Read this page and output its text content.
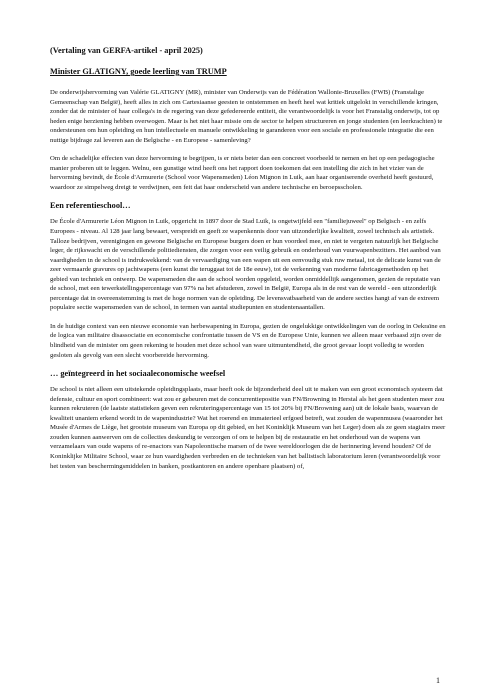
(Vertaling van GERFA-artikel - april 2025)

Minister GLATIGNY, goede leerling van TRUMP

De onderwijshervorming van Valérie GLATIGNY (MR), minister van Onderwijs van de Fédération Wallonie-Bruxelles (FWB) (Franstalige Gemeenschap van België), heeft alles in zich om Cartesiaanse geesten te ontstemmen en heeft heel wat kritiek uitgelokt in verschillende kringen, zonder dat de minister of haar collega's in de regering van deze gefedereerde entiteit, die verantwoordelijk is voor het Franstalig onderwijs, tot op heden enige herziening hebben overwogen. Maar is het niet haar missie om de sector te helpen structureren en jonge studenten (en leerkrachten) te ondersteunen om hun opleiding en hun intellectuele en manuele ontwikkeling te garanderen voor een sociale en professionele integratie die een nuttige bijdrage zal leveren aan de Belgische - en Europese - samenleving?

Om de schadelijke effecten van deze hervorming te begrijpen, is er niets beter dan een concreet voorbeeld te nemen en het op een pedagogische manier proberen uit te leggen. Welnu, een gunstige wind heeft ons het rapport doen toekomen dat een instelling die zich in het vizier van de hervorming bevindt, de École d'Armurerie (School voor Wapensmeden) Léon Mignon in Luik, aan haar organiserende overheid heeft gestuurd, waardoor ze simpelweg dreigt te verdwijnen, een feit dat haar onderscheid van andere technische en beroepsscholen.

Een referentieschool…

De École d'Armurerie Léon Mignon in Luik, opgericht in 1897 door de Stad Luik, is ongetwijfeld een "familiejuweel" op Belgisch - en zelfs Europees - niveau. Al 128 jaar lang bewaart, verspreidt en geeft ze wapenkennis door van uitzonderlijke kwaliteit, zowel technisch als artistiek. Talloze bedrijven, verenigingen en gewone Belgische en Europese burgers doen er hun voordeel mee, en niet te vergeten natuurlijk het Belgische leger, de rijkswacht en de verschillende politiediensten, die zorgen voor een veilig gebruik en onderhoud van vuurwapenbezitters. Het aanbod van vaardigheden in de school is indrukwekkend: van de vervaardiging van een wapen uit een eenvoudig stuk ruw metaal, tot de delicate kunst van de zeer vermaarde gravures op jachtwapens (een kunst die teruggaat tot de 18e eeuw), tot de verkenning van moderne fabricagemethoden op het gebied van techniek en ontwerp. De wapensmeden die aan de school worden opgeleid, worden onmiddellijk aangenomen, gezien de reputatie van de school, met een tewerkstellingspercentage van 97% na het afstuderen, zowel in België, Europa als in de rest van de wereld - een uitzonderlijk percentage dat in overeenstemming is met de hoge normen van de opleiding. De levensvatbaarheid van de andere secties hangt af van de extreem populaire sectie wapensmeden van de school, in termen van aantal studiepunten en studentenaantallen.

In de huidige context van een nieuwe economie van herbewapening in Europa, gezien de ongelukkige ontwikkelingen van de oorlog in Oekraïne en de logica van militaire disassociatie en economische confrontatie tussen de VS en de Europese Unie, kunnen we alleen maar verbaasd zijn over de blindheid van de minister om geen rekening te houden met deze school van ware uitmuntendheid, die groot gevaar loopt volledig te worden gesloten als gevolg van een slecht voorbereide hervorming.

… geïntegreerd in het sociaaleconomische weefsel

De school is niet alleen een uitstekende opleidingsplaats, maar heeft ook de bijzonderheid deel uit te maken van een groot economisch systeem dat defensie, cultuur en sport combineert: wat zou er gebeuren met de concurrentiepositie van FN/Browning in Herstal als het geen studenten meer zou kunnen rekruteren (de laatste statistieken geven een rekruteringspercentage van 15 tot 20% bij FN/Browning aan) uit de lokale basis, waarvan de kwaliteit unaniem erkend wordt in de wapenindustrie? Wat het roerend en immaterieel erfgoed betreft, wat zouden de wapenmusea (waaronder het Musée d'Armes de Liège, het grootste museum van Europa op dit gebied, en het Koninklijk Museum van het Leger) doen als ze geen stagiairs meer zouden kunnen aanwerven om de collecties deskundig te verzorgen of om te helpen bij de restauratie en het onderhoud van de wapens van verzamelaars van oude wapens of re-enactors van Napoleontische marsen of de twee wereldoorlogen die de herinnering levend houden? Of de Koninklijke Militaire School, waar ze hun vaardigheden verbreden en de technieken van het ballistisch laboratorium leren (verantwoordelijk voor het testen van beschermingsmiddelen in banken, postkantoren en andere openbare plaatsen) of,

1
